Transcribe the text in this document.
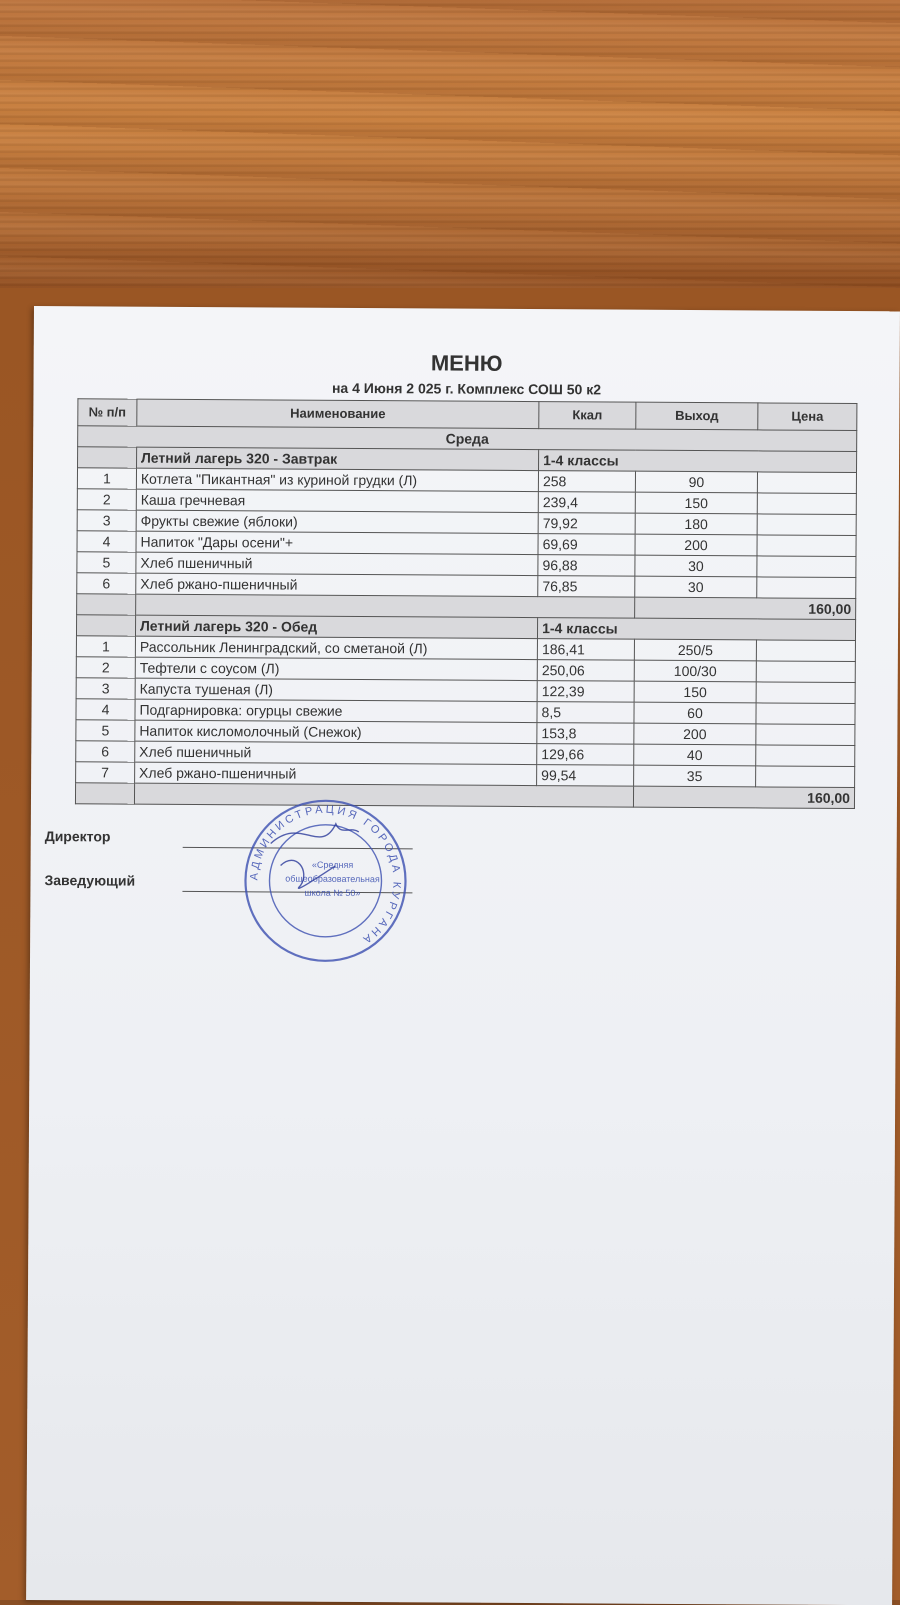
МЕНЮ
на 4 Июня 2 025 г. Комплекс СОШ 50 к2
№ п/п	Наименование	Ккал	Выход	Цена
Среда				
	Летний лагерь 320 - Завтрак	1-4 классы		
1	Котлета "Пикантная" из куриной грудки (Л)	258	90	
2	Каша гречневая	239,4	150	
3	Фрукты свежие (яблоки)	79,92	180	
4	Напиток "Дары осени"+	69,69	200	
5	Хлеб пшеничный	96,88	30	
6	Хлеб ржано-пшеничный	76,85	30	
			160,00	
	Летний лагерь 320 - Обед	1-4 классы		
1	Рассольник Ленинградский, со сметаной (Л)	186,41	250/5	
2	Тефтели с соусом (Л)	250,06	100/30	
3	Капуста тушеная (Л)	122,39	150	
4	Подгарнировка: огурцы свежие	8,5	60	
5	Напиток кисломолочный (Снежок)	153,8	200	
6	Хлеб пшеничный	129,66	40	
7	Хлеб ржано-пшеничный	99,54	35	
			160,00	
Директор
Заведующий	АДМИНИСТРАЦИЯ ГОРОДА КУРГАНА
«Средняя
общеобразовательная
школа № 50»
